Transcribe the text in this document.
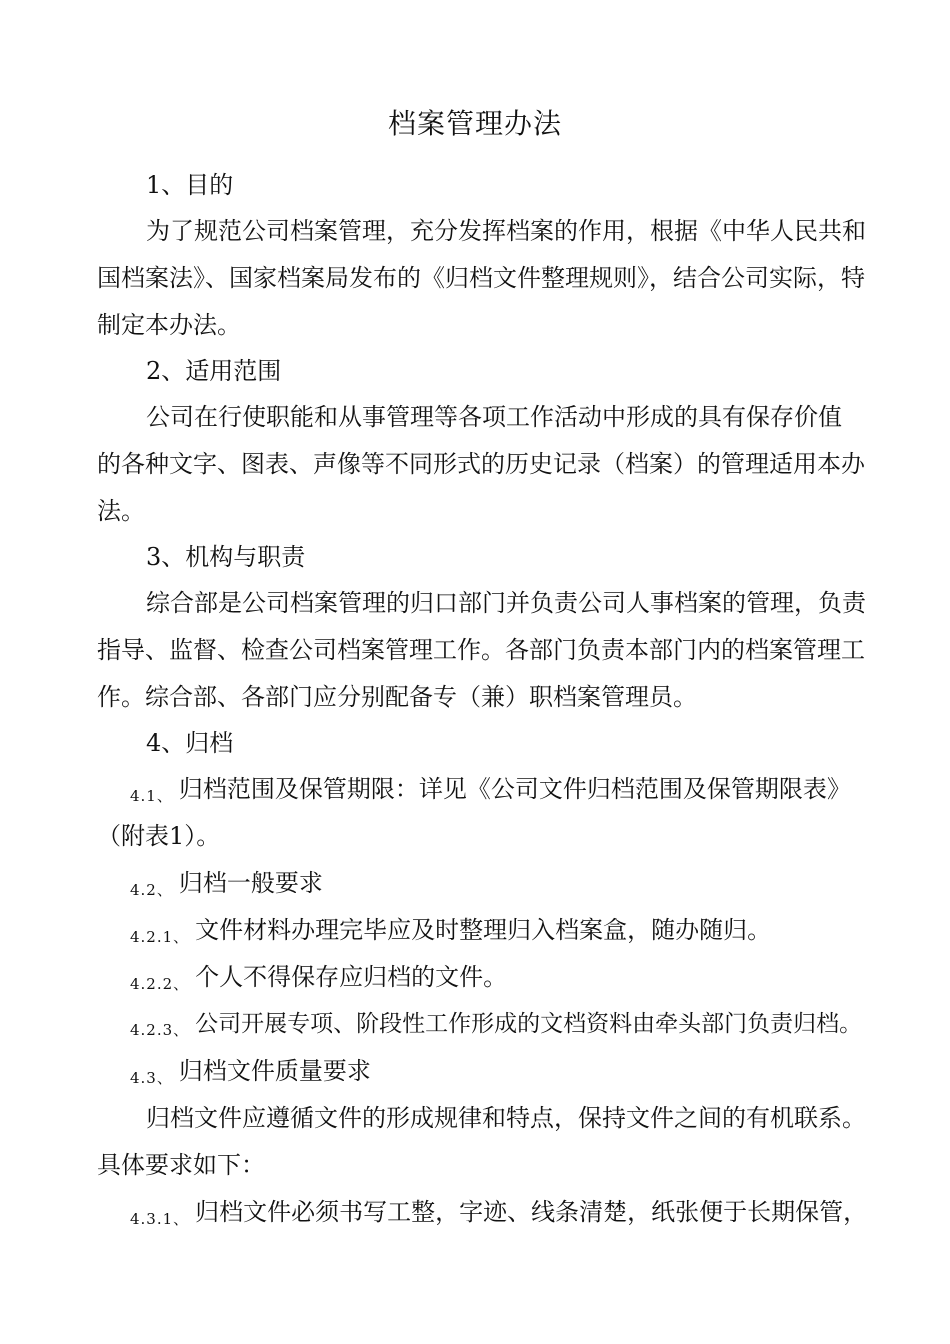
档案管理办法
1、目的
为了规范公司档案管理，充分发挥档案的作用，根据《中华人民共和
国档案法》、国家档案局发布的《归档文件整理规则》，结合公司实际，特
制定本办法。
2、适用范围
公司在行使职能和从事管理等各项工作活动中形成的具有保存价值
的各种文字、图表、声像等不同形式的历史记录（档案）的管理适用本办
法。
3、机构与职责
综合部是公司档案管理的归口部门并负责公司人事档案的管理，负责
指导、监督、检查公司档案管理工作。各部门负责本部门内的档案管理工
作。综合部、各部门应分别配备专（兼）职档案管理员。
4、归档
4.1、 归档范围及保管期限：详见《公司文件归档范围及保管期限表》
（附表1）。
4.2、 归档一般要求
4.2.1、 文件材料办理完毕应及时整理归入档案盒，随办随归。
4.2.2、 个人不得保存应归档的文件。
4.2.3、 公司开展专项、阶段性工作形成的文档资料由牵头部门负责归档。
4.3、 归档文件质量要求
归档文件应遵循文件的形成规律和特点，保持文件之间的有机联系。
具体要求如下：
4.3.1、 归档文件必须书写工整，字迹、线条清楚，纸张便于长期保管，
